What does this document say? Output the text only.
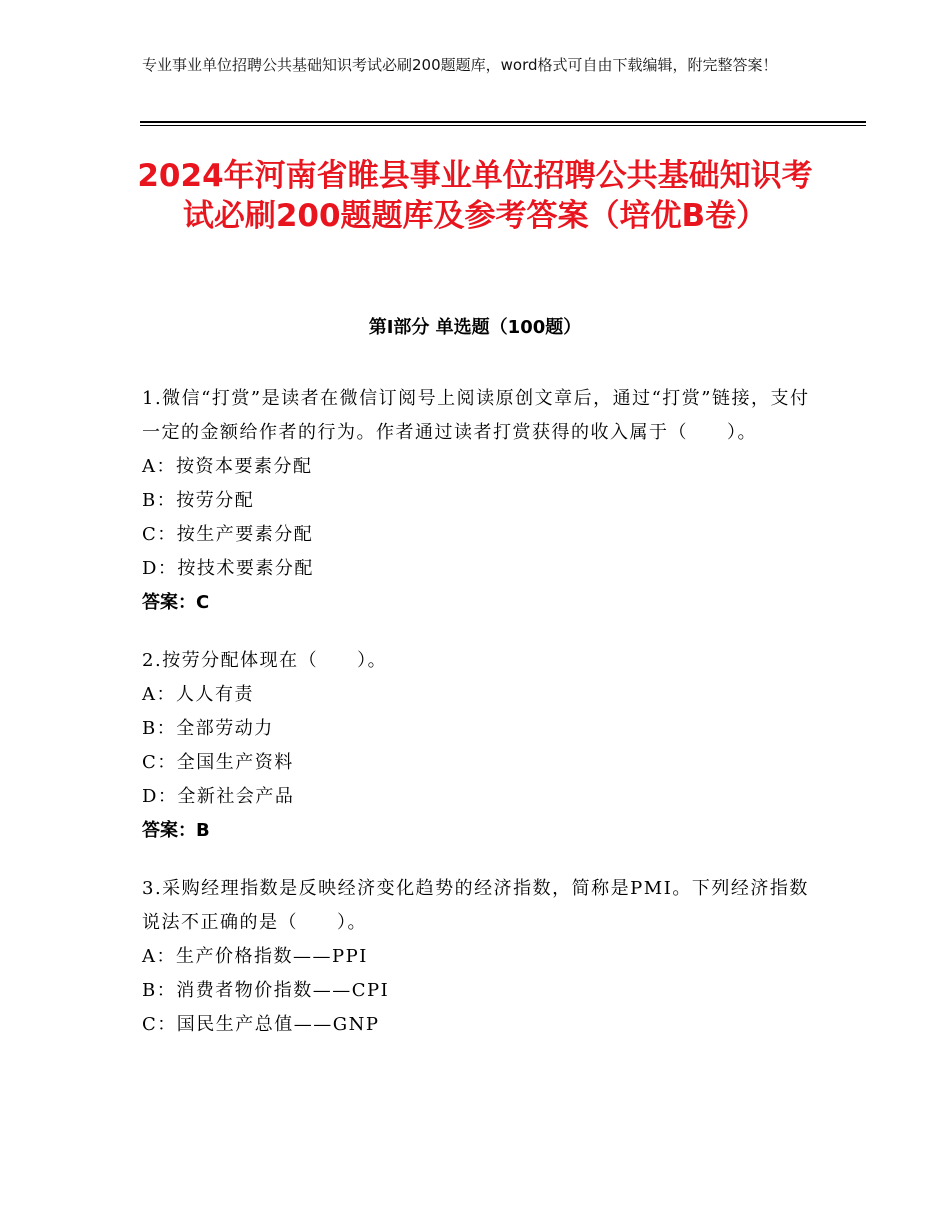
专业事业单位招聘公共基础知识考试必刷200题题库，word格式可自由下载编辑，附完整答案！
2024年河南省睢县事业单位招聘公共基础知识考试必刷200题题库及参考答案（培优B卷）
第Ⅰ部分 单选题（100题）
1.微信“打赏”是读者在微信订阅号上阅读原创文章后，通过“打赏”链接，支付一定的金额给作者的行为。作者通过读者打赏获得的收入属于（　　）。
A：按资本要素分配
B：按劳分配
C：按生产要素分配
D：按技术要素分配
答案：C
2.按劳分配体现在（　　）。
A：人人有责
B：全部劳动力
C：全国生产资料
D：全新社会产品
答案：B
3.采购经理指数是反映经济变化趋势的经济指数，简称是PMI。下列经济指数说法不正确的是（　　）。
A：生产价格指数——PPI
B：消费者物价指数——CPI
C：国民生产总值——GNP
